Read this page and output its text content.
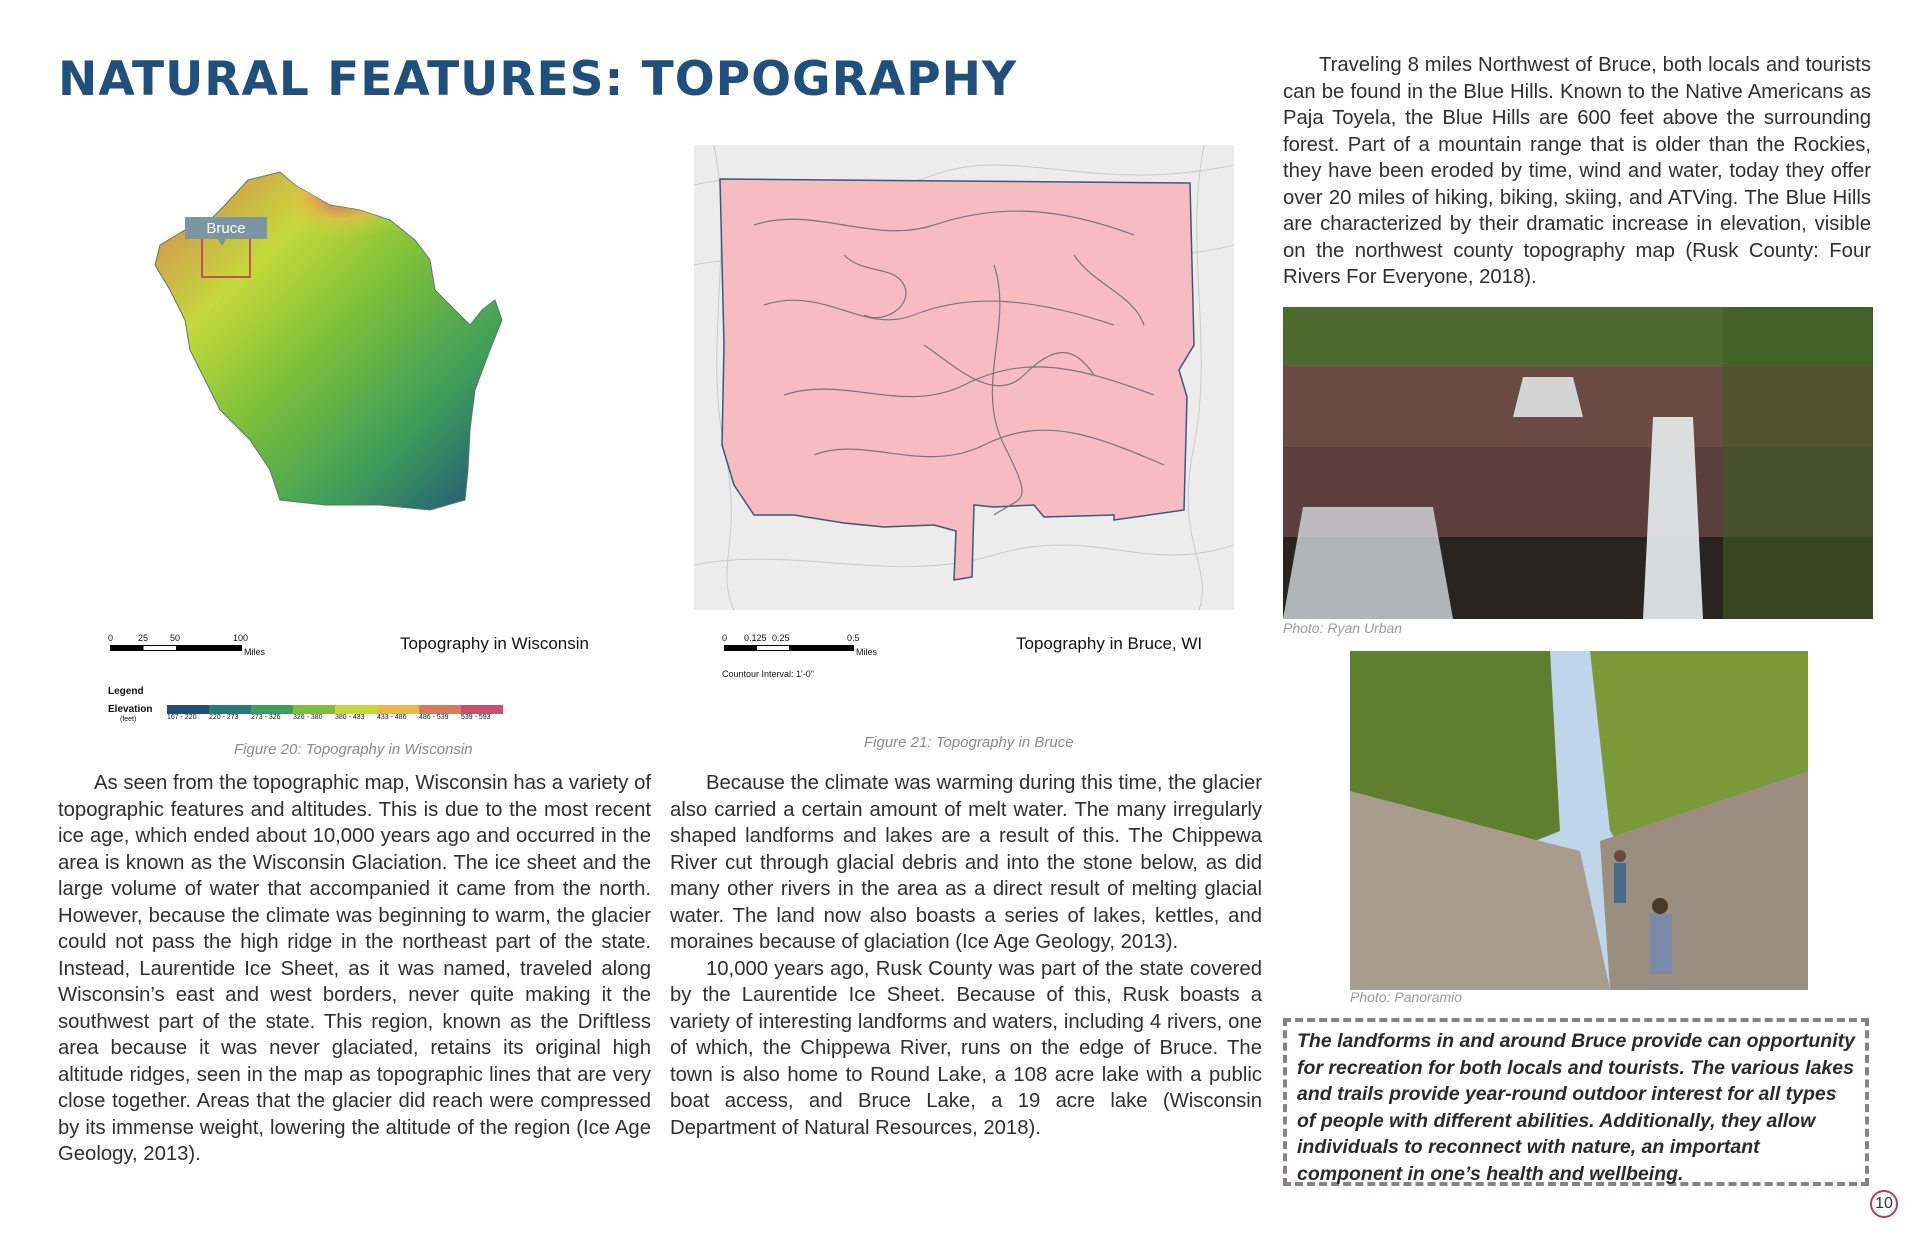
NATURAL FEATURES: TOPOGRAPHY	Traveling 8 miles Northwest of Bruce, both locals and tourists can be found in the Blue Hills. Known to the Native Americans as Paja Toyela, the Blue Hills are 600 feet above the surrounding forest. Part of a mountain range that is older than the Rockies, they have been eroded by time, wind and water, today they offer over 20 miles of hiking, biking, skiing, and ATVing. The Blue Hills are characterized by their dramatic increase in elevation, visible on the northwest county topography map (Rusk County: Four Rivers For Everyone, 2018).

Bruce
0	25 50	100
Miles	Topography in Wisconsin
Legend
Elevation
(feet)	167 - 220	220 - 273	273 - 326	326 - 380	380 - 433	433 - 486	486 - 539	539 - 593
Figure 20: Topography in Wisconsin
0 0.125 0.25	0.5
Miles
Countour Interval: 1'-0"
Topography in Bruce, WI
Figure 21: Topography in Bruce
Photo: Ryan Urban
Photo: Panoramio

As seen from the topographic map, Wisconsin has a variety of topographic features and altitudes. This is due to the most recent ice age, which ended about 10,000 years ago and occurred in the area is known as the Wisconsin Glaciation. The ice sheet and the large volume of water that accompanied it came from the north. However, because the climate was beginning to warm, the glacier could not pass the high ridge in the northeast part of the state. Instead, Laurentide Ice Sheet, as it was named, traveled along Wisconsin’s east and west borders, never quite making it the southwest part of the state. This region, known as the Driftless area because it was never glaciated, retains its original high altitude ridges, seen in the map as topographic lines that are very close together. Areas that the glacier did reach were compressed by its immense weight, lowering the altitude of the region (Ice Age Geology, 2013).

Because the climate was warming during this time, the glacier also carried a certain amount of melt water. The many irregularly shaped landforms and lakes are a result of this. The Chippewa River cut through glacial debris and into the stone below, as did many other rivers in the area as a direct result of melting glacial water. The land now also boasts a series of lakes, kettles, and moraines because of glaciation (Ice Age Geology, 2013).

10,000 years ago, Rusk County was part of the state covered by the Laurentide Ice Sheet. Because of this, Rusk boasts a variety of interesting landforms and waters, including 4 rivers, one of which, the Chippewa River, runs on the edge of Bruce. The town is also home to Round Lake, a 108 acre lake with a public boat access, and Bruce Lake, a 19 acre lake (Wisconsin Department of Natural Resources, 2018).

The landforms in and around Bruce provide can opportunity for recreation for both locals and tourists. The various lakes and trails provide year-round outdoor interest for all types of people with different abilities. Additionally, they allow individuals to reconnect with nature, an important component in one’s health and wellbeing.
10
